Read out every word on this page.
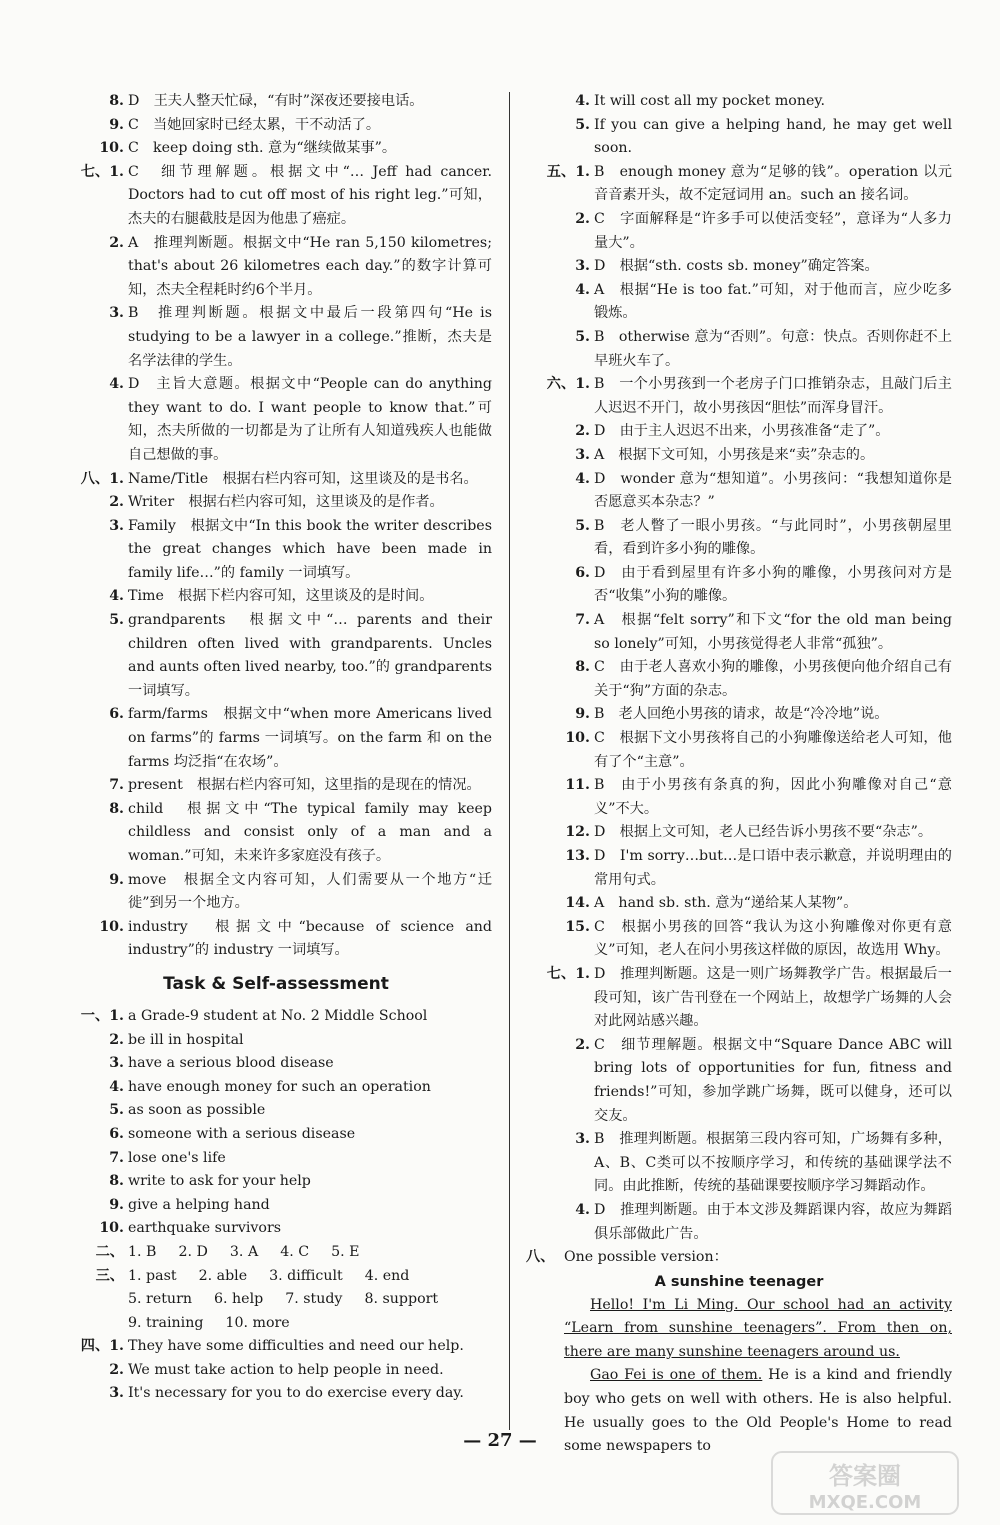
8. D　王夫人整天忙碌，“有时”深夜还要接电话。
9. C　当她回家时已经太累，干不动活了。
10. C　keep doing sth. 意为“继续做某事”。
七、1. C　细节理解题。根据文中“… Jeff had cancer. Doctors had to cut off most of his right leg.”可知，杰夫的右腿截肢是因为他患了癌症。
2. A　推理判断题。根据文中“He ran 5,150 kilometres; that's about 26 kilometres each day.”的数字计算可知，杰夫全程耗时约6个半月。
3. B　推理判断题。根据文中最后一段第四句“He is studying to be a lawyer in a college.”推断，杰夫是名学法律的学生。
4. D　主旨大意题。根据文中“People can do anything they want to do. I want people to know that.”可知，杰夫所做的一切都是为了让所有人知道残疾人也能做自己想做的事。
八、1. Name/Title　根据右栏内容可知，这里谈及的是书名。
2. Writer　根据右栏内容可知，这里谈及的是作者。
3. Family　根据文中“In this book the writer describes the great changes which have been made in family life…”的 family 一词填写。
4. Time　根据下栏内容可知，这里谈及的是时间。
5. grandparents　根据文中“… parents and their children often lived with grandparents. Uncles and aunts often lived nearby, too.”的 grandparents 一词填写。
6. farm/farms　根据文中“when more Americans lived on farms”的 farms 一词填写。on the farm 和 on the farms 均泛指“在农场”。
7. present　根据右栏内容可知，这里指的是现在的情况。
8. child　根据文中“The typical family may keep childless and consist only of a man and a woman.”可知，未来许多家庭没有孩子。
9. move　根据全文内容可知，人们需要从一个地方“迁徙”到另一个地方。
10. industry　根据文中“because of science and industry”的 industry 一词填写。
Task & Self-assessment
一、1. a Grade-9 student at No. 2 Middle School
2. be ill in hospital
3. have a serious blood disease
4. have enough money for such an operation
5. as soon as possible
6. someone with a serious disease
7. lose one's life
8. write to ask for your help
9. give a helping hand
10. earthquake survivors
二、 1. B 2. D 3. A 4. C 5. E
三、 1. past 2. able 3. difficult 4. end
5. return 6. help 7. study 8. support
9. training 10. more
四、1. They have some difficulties and need our help.
2. We must take action to help people in need.
3. It's necessary for you to do exercise every day.
4. It will cost all my pocket money.
5. If you can give a helping hand, he may get well soon.
五、1. B　enough money 意为“足够的钱”。operation 以元音音素开头，故不定冠词用 an。such an 接名词。
2. C　字面解释是“许多手可以使活变轻”，意译为“人多力量大”。
3. D　根据“sth. costs sb. money”确定答案。
4. A　根据“He is too fat.”可知，对于他而言，应少吃多锻炼。
5. B　otherwise 意为“否则”。句意：快点。否则你赶不上早班火车了。
六、1. B　一个小男孩到一个老房子门口推销杂志，且敲门后主人迟迟不开门，故小男孩因“胆怯”而浑身冒汗。
2. D　由于主人迟迟不出来，小男孩准备“走了”。
3. A　根据下文可知，小男孩是来“卖”杂志的。
4. D　wonder 意为“想知道”。小男孩问：“我想知道你是否愿意买本杂志？”
5. B　老人瞥了一眼小男孩。“与此同时”，小男孩朝屋里看，看到许多小狗的雕像。
6. D　由于看到屋里有许多小狗的雕像，小男孩问对方是否“收集”小狗的雕像。
7. A　根据“felt sorry”和下文“for the old man being so lonely”可知，小男孩觉得老人非常“孤独”。
8. C　由于老人喜欢小狗的雕像，小男孩便向他介绍自己有关于“狗”方面的杂志。
9. B　老人回绝小男孩的请求，故是“冷冷地”说。
10. C　根据下文小男孩将自己的小狗雕像送给老人可知，他有了个“主意”。
11. B　由于小男孩有条真的狗，因此小狗雕像对自己“意义”不大。
12. D　根据上文可知，老人已经告诉小男孩不要“杂志”。
13. D　I'm sorry…but…是口语中表示歉意，并说明理由的常用句式。
14. A　hand sb. sth. 意为“递给某人某物”。
15. C　根据小男孩的回答“我认为这小狗雕像对你更有意义”可知，老人在问小男孩这样做的原因，故选用 Why。
七、1. D　推理判断题。这是一则广场舞教学广告。根据最后一段可知，该广告刊登在一个网站上，故想学广场舞的人会对此网站感兴趣。
2. C　细节理解题。根据文中“Square Dance ABC will bring lots of opportunities for fun, fitness and friends!”可知，参加学跳广场舞，既可以健身，还可以交友。
3. B　推理判断题。根据第三段内容可知，广场舞有多种，A、B、C类可以不按顺序学习，和传统的基础课学法不同。由此推断，传统的基础课要按顺序学习舞蹈动作。
4. D　推理判断题。由于本文涉及舞蹈课内容，故应为舞蹈俱乐部做此广告。
八、 One possible version：
A sunshine teenager
Hello! I'm Li Ming. Our school had an activity “Learn from sunshine teenagers”. From then on, there are many sunshine teenagers around us.
Gao Fei is one of them. He is a kind and friendly boy who gets on well with others. He is also helpful. He usually goes to the Old People's Home to read some newspapers to
— 27 —
答案圈
MXQE.COM
